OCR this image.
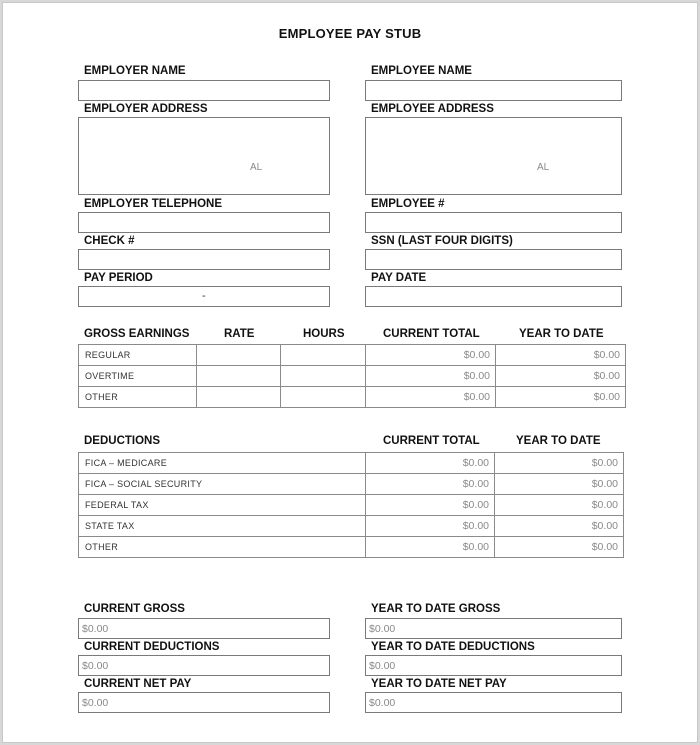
EMPLOYEE PAY STUB
EMPLOYER NAME
EMPLOYER ADDRESS
AL
EMPLOYER TELEPHONE
CHECK #
PAY PERIOD
-
EMPLOYEE NAME
EMPLOYEE ADDRESS
AL
EMPLOYEE #
SSN (LAST FOUR DIGITS)
PAY DATE
GROSS EARNINGS	RATE	HOURS	CURRENT TOTAL	YEAR TO DATE
REGULAR			$0.00	$0.00
OVERTIME			$0.00	$0.00
OTHER			$0.00	$0.00
DEDUCTIONS	CURRENT TOTAL	YEAR TO DATE
FICA – MEDICARE	$0.00	$0.00
FICA – SOCIAL SECURITY	$0.00	$0.00
FEDERAL TAX	$0.00	$0.00
STATE TAX	$0.00	$0.00
OTHER	$0.00	$0.00
CURRENT GROSS
$0.00
CURRENT DEDUCTIONS
$0.00
CURRENT NET PAY
$0.00
YEAR TO DATE GROSS
$0.00
YEAR TO DATE DEDUCTIONS
$0.00
YEAR TO DATE NET PAY
$0.00
